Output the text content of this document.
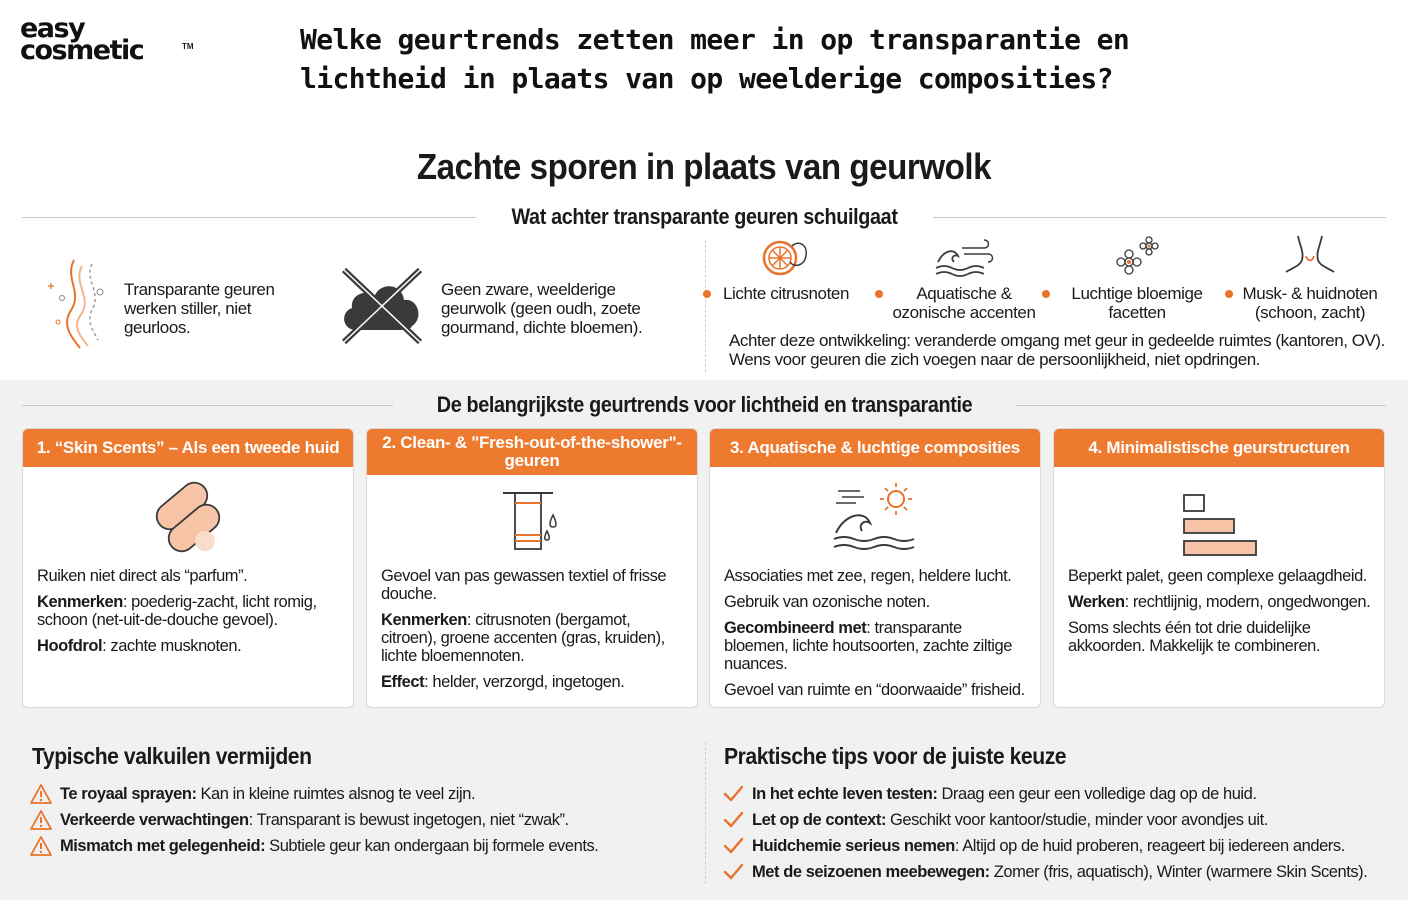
easy
cosmetic	TM	Welke geurtrends zetten meer in op transparantie en lichtheid in plaats van op weelderige composities?
Zachte sporen in plaats van geurwolk
Wat achter transparante geuren schuilgaat
Transparante geuren werken stiller, niet geurloos.
Geen zware, weelderige geurwolk (geen oudh, zoete gourmand, dichte bloemen).
Lichte citrusnoten	Aquatische & ozonische accenten
Luchtige bloemige facetten
Musk- & huidnoten (schoon, zacht)
Achter deze ontwikkeling: veranderde omgang met geur in gedeelde ruimtes (kantoren, OV). Wens voor geuren die zich voegen naar de persoonlijkheid, niet opdringen.
De belangrijkste geurtrends voor lichtheid en transparantie
1. “Skin Scents” – Als een tweede huid

Ruiken niet direct als “parfum”.

Kenmerken: poederig-zacht, licht romig, schoon (net-uit-de-douche gevoel).

Hoofdrol: zachte musknoten.

2. Clean- & "Fresh-out-of-the-shower"-geuren

Gevoel van pas gewassen textiel of frisse douche.

Kenmerken: citrusnoten (bergamot, citroen), groene accenten (gras, kruiden), lichte bloemennoten.

Effect: helder, verzorgd, ingetogen.

3. Aquatische & luchtige composities

Associaties met zee, regen, heldere lucht.

Gebruik van ozonische noten.

Gecombineerd met: transparante bloemen, lichte houtsoorten, zachte ziltige nuances.

Gevoel van ruimte en “doorwaaide” frisheid.

4. Minimalistische geurstructuren

Beperkt palet, geen complexe gelaagdheid.

Werken: rechtlijnig, modern, ongedwongen.

Soms slechts één tot drie duidelijke akkoorden. Makkelijk te combineren.

Typische valkuilen vermijden
Te royaal sprayen: Kan in kleine ruimtes alsnog te veel zijn.
Verkeerde verwachtingen : Transparant is bewust ingetogen, niet “zwak”.
Mismatch met gelegenheid: Subtiele geur kan ondergaan bij formele events.
Praktische tips voor de juiste keuze
In het echte leven testen: Draag een geur een volledige dag op de huid.
Let op de context: Geschikt voor kantoor/studie, minder voor avondjes uit.
Huidchemie serieus nemen : Altijd op de huid proberen, reageert bij iedereen anders.
Met de seizoenen meebewegen: Zomer (fris, aquatisch), Winter (warmere Skin Scents).
